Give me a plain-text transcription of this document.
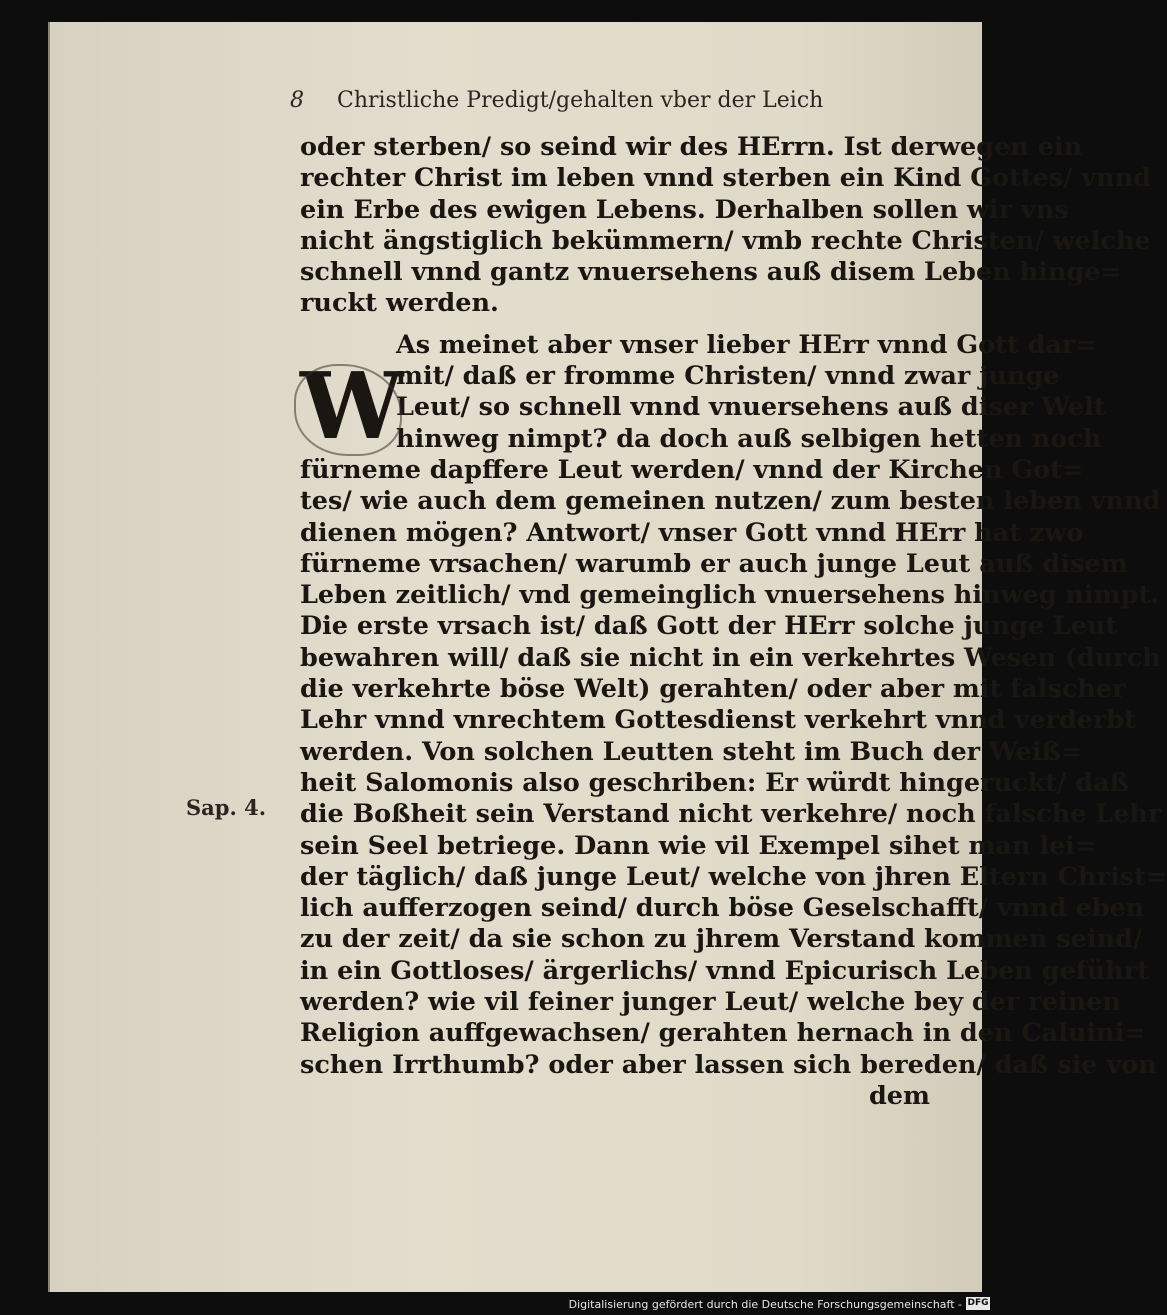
8 Christliche Predigt/gehalten vber der Leich
oder sterben/ so seind wir des HErrn. Ist derwegen ein
rechter Christ im leben vnnd sterben ein Kind Gottes/ vnnd
ein Erbe des ewigen Lebens. Derhalben sollen wir vns
nicht ängstiglich bekümmern/ vmb rechte Christen/ welche
schnell vnnd gantz vnuersehens auß disem Leben hinge=
ruckt werden.
As meinet aber vnser lieber HErr vnnd Gott dar=
mit/ daß er fromme Christen/ vnnd zwar junge
Leut/ so schnell vnnd vnuersehens auß diser Welt
hinweg nimpt? da doch auß selbigen hetten noch
fürneme dapffere Leut werden/ vnnd der Kirchen Got=
tes/ wie auch dem gemeinen nutzen/ zum besten leben vnnd
dienen mögen? Antwort/ vnser Gott vnnd HErr hat zwo
fürneme vrsachen/ warumb er auch junge Leut auß disem
Leben zeitlich/ vnd gemeinglich vnuersehens hinweg nimpt.
Die erste vrsach ist/ daß Gott der HErr solche junge Leut
bewahren will/ daß sie nicht in ein verkehrtes Wesen (durch
die verkehrte böse Welt) gerahten/ oder aber mit falscher
Lehr vnnd vnrechtem Gottesdienst verkehrt vnnd verderbt
werden. Von solchen Leutten steht im Buch der Weiß=
heit Salomonis also geschriben: Er würdt hingeruckt/ daß
die Boßheit sein Verstand nicht verkehre/ noch falsche Lehr
sein Seel betriege. Dann wie vil Exempel sihet man lei=
der täglich/ daß junge Leut/ welche von jhren Eltern Christ=
lich aufferzogen seind/ durch böse Geselschafft/ vnnd eben
zu der zeit/ da sie schon zu jhrem Verstand kommen seind/
in ein Gottloses/ ärgerlichs/ vnnd Epicurisch Leben geführt
werden? wie vil feiner junger Leut/ welche bey der reinen
Religion auffgewachsen/ gerahten hernach in den Caluini=
schen Irrthumb? oder aber lassen sich bereden/ daß sie von
dem
W
Sap. 4.
Digitalisierung gefördert durch die Deutsche Forschungsgemeinschaft - DFG
